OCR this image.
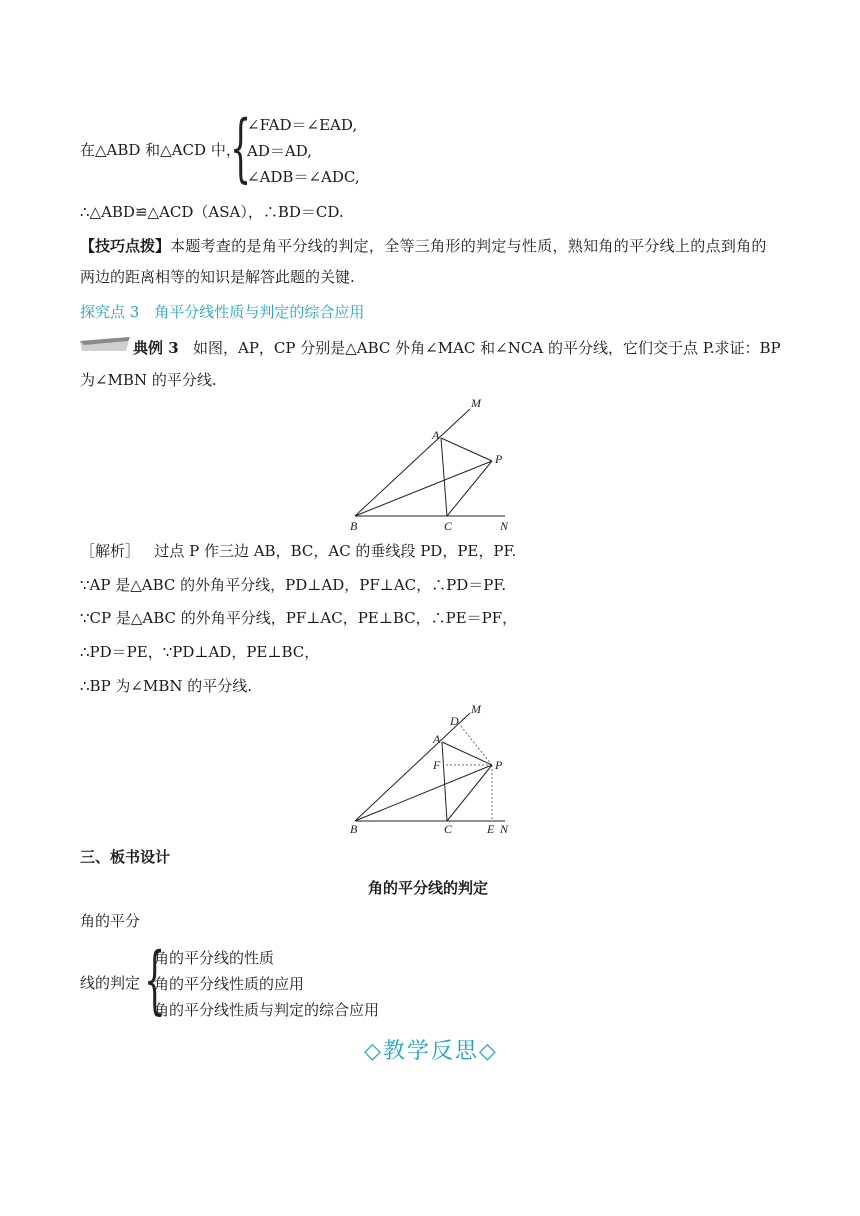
在△ABD 和△ACD 中，
{
∠FAD＝∠EAD,
AD＝AD,
∠ADB＝∠ADC,
∴△ABD≌△ACD（ASA），∴BD＝CD.
【技巧点拨】本题考查的是角平分线的判定，全等三角形的判定与性质，熟知角的平分线上的点到角的
两边的距离相等的知识是解答此题的关键.
探究点 3　角平分线性质与判定的综合应用
典例 3 如图，AP，CP 分别是△ABC 外角∠MAC 和∠NCA 的平分线，它们交于点 P.求证：BP
为∠MBN 的平分线.
M
A
P
B	C	N
［解析］ 过点 P 作三边 AB，BC，AC 的垂线段 PD，PE，PF.
∵AP 是△ABC 的外角平分线，PD⊥AD，PF⊥AC，∴PD＝PF.
∵CP 是△ABC 的外角平分线，PF⊥AC，PE⊥BC，∴PE＝PF，
∴PD＝PE，∵PD⊥AD，PE⊥BC，
∴BP 为∠MBN 的平分线.
M
D
A
F	P
B	C	E N
三、板书设计
角的平分线的判定
角的平分
线的判定 {
角的平分线的性质
角的平分线性质的应用
角的平分线性质与判定的综合应用
◇教学反思◇
